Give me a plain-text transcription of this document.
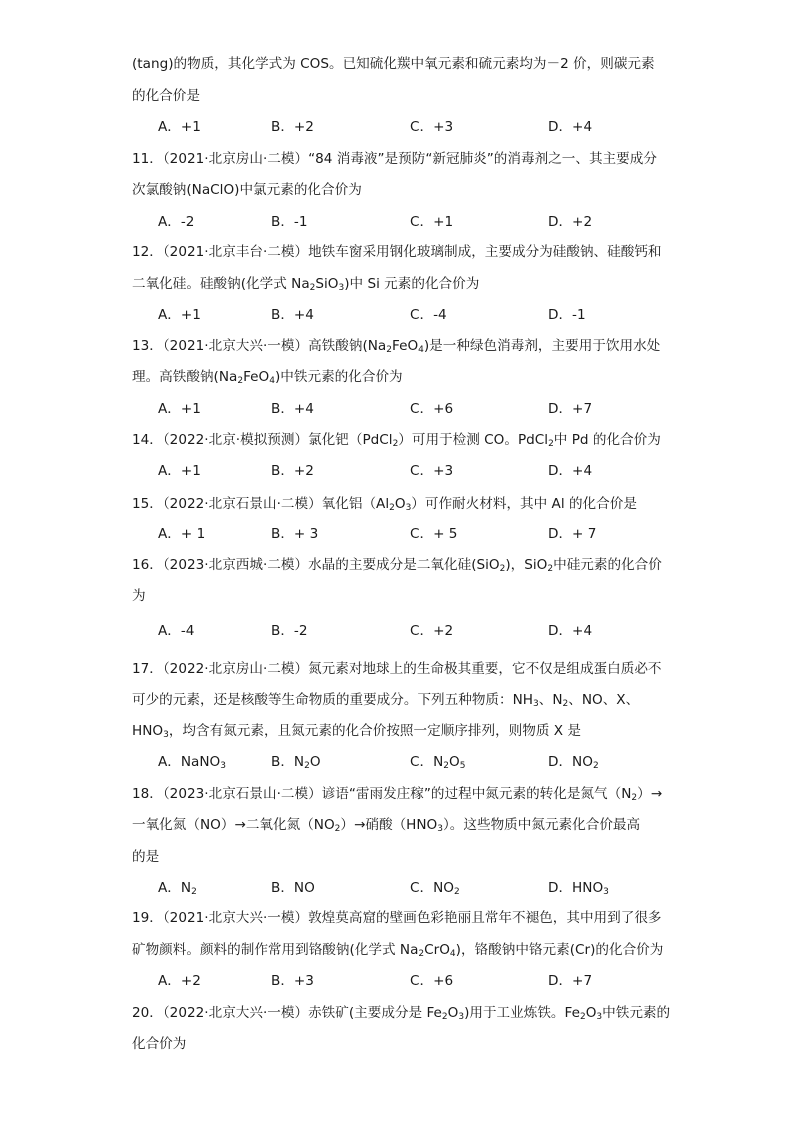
(tang)的物质，其化学式为 COS。已知硫化羰中氧元素和硫元素均为－2 价，则碳元素
的化合价是
A．+1	B．+2	C．+3	D．+4
11．（2021·北京房山·二模）“84 消毒液”是预防“新冠肺炎”的消毒剂之一、其主要成分
次氯酸钠(NaClO)中氯元素的化合价为
A．-2	B．-1	C．+1	D．+2
12．（2021·北京丰台·二模）地铁车窗采用钢化玻璃制成，主要成分为硅酸钠、硅酸钙和
二氧化硅。硅酸钠(化学式 $Na_2SiO_3$)中 Si 元素的化合价为
A．+1	B．+4	C．-4	D．-1
13．（2021·北京大兴·一模）高铁酸钠$(Na_2FeO_4)$是一种绿色消毒剂，主要用于饮用水处
理。高铁酸钠$(Na_2FeO_4)$中铁元素的化合价为
A．+1	B．+4	C．+6	D．+7
14．（2022·北京·模拟预测）氯化钯（PdCl$_2$）可用于检测 CO。PdCl$_2$中 Pd 的化合价为
A．+1	B．+2	C．+3	D．+4
15．（2022·北京石景山·二模）氧化铝$(Al_2O_3)$可作耐火材料，其中 Al 的化合价是
A．+ 1	B．+ 3	C．+ 5	D．+ 7
16．（2023·北京西城·二模）水晶的主要成分是二氧化硅(SiO$_2$)，SiO$_2$中硅元素的化合价
为
A．-4	B．-2	C．+2	D．+4
17．（2022·北京房山·二模）氮元素对地球上的生命极其重要，它不仅是组成蛋白质必不
可少的元素，还是核酸等生命物质的重要成分。下列五种物质：$NH_3$、$N_2$、NO、X、
$HNO_3$，均含有氮元素，且氮元素的化合价按照一定顺序排列，则物质 X 是
A．NaNO$_3$	B．$N_2O$	C．$N_2O_5$	D．$NO_2$
18．（2023·北京石景山·二模）谚语“雷雨发庄稼”的过程中氮元素的转化是氮气$(N_2)\to$
一氧化氮（NO）→二氧化氮$(NO_2)\to$硝酸$(HNO_3)$。这些物质中氮元素化合价最高
的是
A．$N_2$	B．NO	C．$NO_2$	D．$HNO_3$
19．（2021·北京大兴·一模）敦煌莫高窟的壁画色彩艳丽且常年不褪色，其中用到了很多
矿物颜料。颜料的制作常用到铬酸钠(化学式 $Na_2CrO_4$)，铬酸钠中铬元素(Cr)的化合价为
A．+2	B．+3	C．+6	D．+7
20．（2022·北京大兴·一模）赤铁矿(主要成分是 $Fe_2O_3$)用于工业炼铁。$Fe_2O_3$中铁元素的
化合价为
